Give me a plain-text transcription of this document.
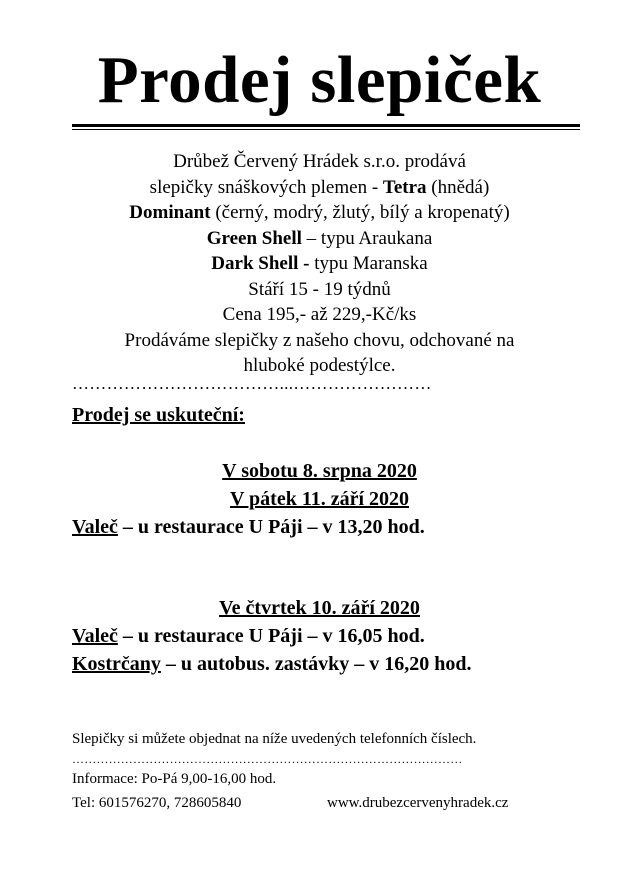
Prodej slepiček
Drůbež Červený Hrádek s.r.o. prodává
slepičky snáškových plemen - Tetra (hnědá)
Dominant (černý, modrý, žlutý, bílý a kropenatý)
Green Shell – typu Araukana
Dark Shell - typu Maranska
Stáří 15 - 19 týdnů
Cena 195,- až 229,-Kč/ks
Prodáváme slepičky z našeho chovu, odchované na
hluboké podestýlce.
………………………………...……………………
Prodej se uskuteční:
V sobotu 8. srpna 2020
V pátek 11. září 2020
Valeč – u restaurace U Páji – v 13,20 hod.
Ve čtvrtek 10. září 2020
Valeč – u restaurace U Páji – v 16,05 hod.
Kostrčany – u autobus. zastávky – v 16,20 hod.
Slepičky si můžete objednat na níže uvedených telefonních číslech.
……………………………………………………………………………………
Informace: Po-Pá 9,00-16,00 hod.
Tel: 601576270, 728605840	www.drubezcervenyhradek.cz
